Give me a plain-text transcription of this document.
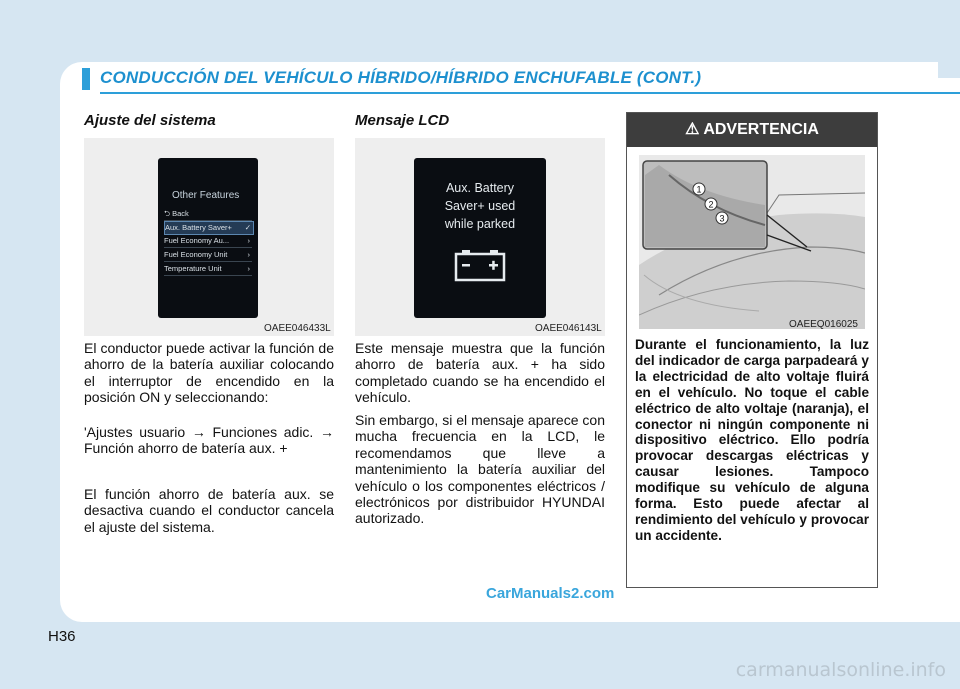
CONDUCCIÓN DEL VEHÍCULO HÍBRIDO/HÍBRIDO ENCHUFABLE (CONT.)
Ajuste del sistema
Other Features
⮌ Back
Aux. Battery Saver+ ✓
Fuel Economy Au... ›
Fuel Economy Unit	›
Temperature Unit	›
OAEE046433L

El conductor puede activar la función de ahorro de la batería auxiliar colocando el interruptor de encendido en la posición ON y seleccionando:

'Ajustes usuario → Funciones adic. → Función ahorro de batería aux. +

El función ahorro de batería aux. se desactiva cuando el conductor cancela el ajuste del sistema.

Mensaje LCD
Aux. Battery
Saver+ used
while parked
OAEE046143L

Este mensaje muestra que la función ahorro de batería aux. + ha sido completado cuando se ha encendido el vehículo.

Sin embargo, si el mensaje aparece con mucha frecuencia en la LCD, le recomendamos que lleve a mantenimiento la batería auxiliar del vehículo o los componentes eléctricos / electrónicos por distribuidor HYUNDAI autorizado.

⚠ ADVERTENCIA
1
2
3
OAEEQ016025

Durante el funcionamiento, la luz del indicador de carga parpadeará y la electricidad de alto voltaje fluirá en el vehículo. No toque el cable eléctrico de alto voltaje (naranja), el conector ni ningún componente ni dispositivo eléctrico. Ello podría provocar descargas eléctricas y causar lesiones. Tampoco modifique su vehículo de alguna forma. Esto puede afectar al rendimiento del vehículo y provocar un accidente.

H36
CarManuals2.com
carmanualsonline.info
